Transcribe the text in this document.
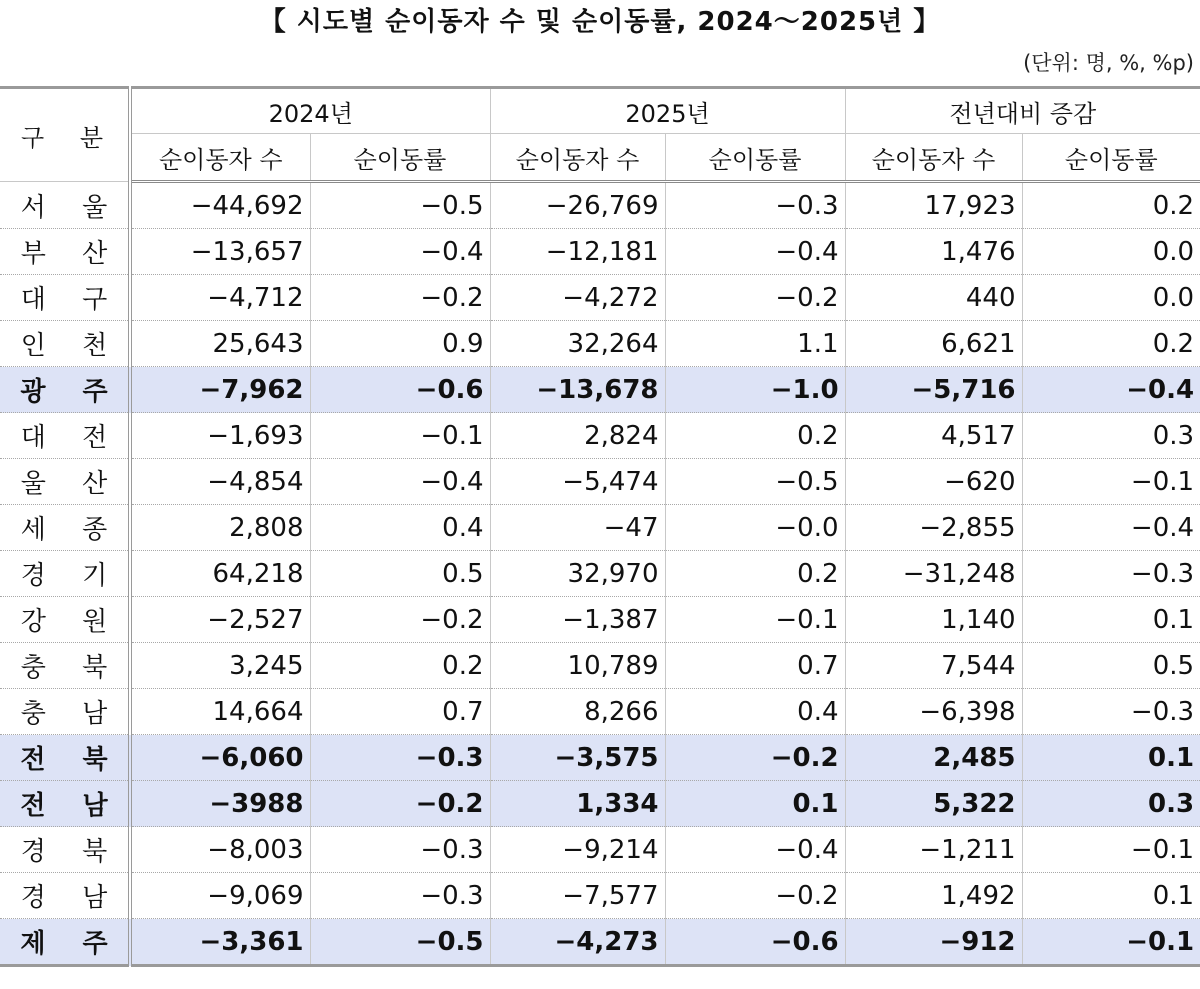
【 시도별 순이동자 수 및 순이동률, 2024～2025년 】
(단위: 명, %, %p)
구 분	2024년		2025년		전년대비 증감	
	순이동자 수	순이동률	순이동자 수	순이동률	순이동자 수	순이동률
서 울	−44,692	−0.5	−26,769	−0.3	17,923	0.2
부 산	−13,657	−0.4	−12,181	−0.4	1,476	0.0
대 구	−4,712	−0.2	−4,272	−0.2	440	0.0
인 천	25,643	0.9	32,264	1.1	6,621	0.2
광 주	−7,962	−0.6	−13,678	−1.0	−5,716	−0.4
대 전	−1,693	−0.1	2,824	0.2	4,517	0.3
울 산	−4,854	−0.4	−5,474	−0.5	−620	−0.1
세 종	2,808	0.4	−47	−0.0	−2,855	−0.4
경 기	64,218	0.5	32,970	0.2	−31,248	−0.3
강 원	−2,527	−0.2	−1,387	−0.1	1,140	0.1
충 북	3,245	0.2	10,789	0.7	7,544	0.5
충 남	14,664	0.7	8,266	0.4	−6,398	−0.3
전 북	−6,060	−0.3	−3,575	−0.2	2,485	0.1
전 남	−3988	−0.2	1,334	0.1	5,322	0.3
경 북	−8,003	−0.3	−9,214	−0.4	−1,211	−0.1
경 남	−9,069	−0.3	−7,577	−0.2	1,492	0.1
제 주	−3,361	−0.5	−4,273	−0.6	−912	−0.1
